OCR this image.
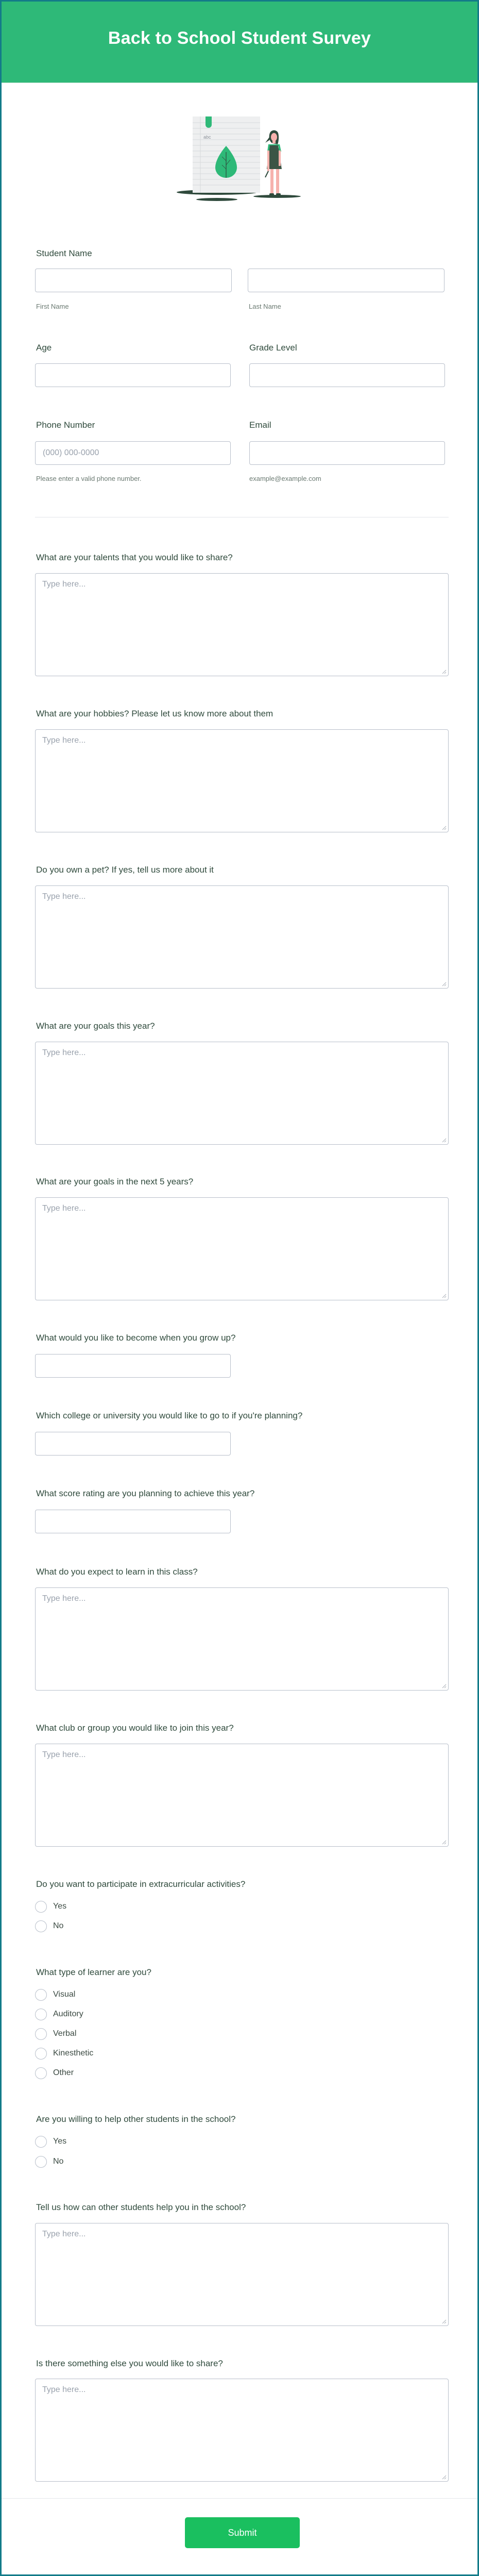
Back to School Student Survey
abc
Student Name
First Name	Last Name
Age	Grade Level
Phone Number	Email
(000) 000-0000
Please enter a valid phone number.	example@example.com
What are your talents that you would like to share?
Type here...
What are your hobbies? Please let us know more about them
Type here...
Do you own a pet? If yes, tell us more about it
Type here...
What are your goals this year?
Type here...
What are your goals in the next 5 years?
Type here...
What would you like to become when you grow up?
Which college or university you would like to go to if you're planning?
What score rating are you planning to achieve this year?
What do you expect to learn in this class?
Type here...
What club or group you would like to join this year?
Type here...
Do you want to participate in extracurricular activities?
Yes
No
What type of learner are you?
Visual
Auditory
Verbal
Kinesthetic
Other
Are you willing to help other students in the school?
Yes
No
Tell us how can other students help you in the school?
Type here...
Is there something else you would like to share?
Type here...
Submit
